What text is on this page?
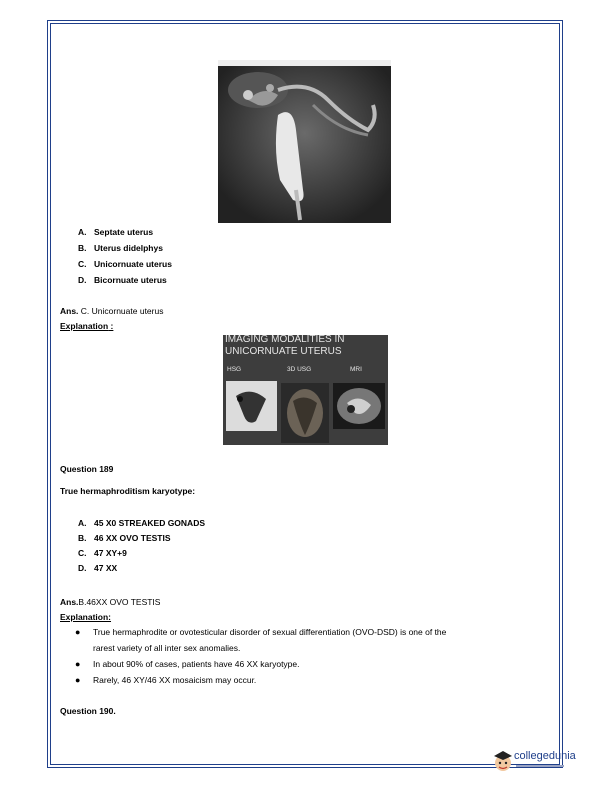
A. Septate uterus
B. Uterus didelphys
C. Unicornuate uterus
D. Bicornuate uterus
Ans. C. Unicornuate uterus
Explanation :
IMAGING MODALITIES IN
UNICORNUATE UTERUS
HSG	3D USG	MRI
Question 189
True hermaphroditism karyotype:
A. 45 X0 STREAKED GONADS
B. 46 XX OVO TESTIS
C. 47 XY+9
D. 47 XX
Ans.B.46XX OVO TESTIS
Explanation:
● True hermaphrodite or ovotesticular disorder of sexual differentiation (OVO-DSD) is one of the
rarest variety of all inter sex anomalies.
● In about 90% of cases, patients have 46 XX karyotype.
● Rarely, 46 XY/46 XX mosaicism may occur.
Question 190.
collegedunia
